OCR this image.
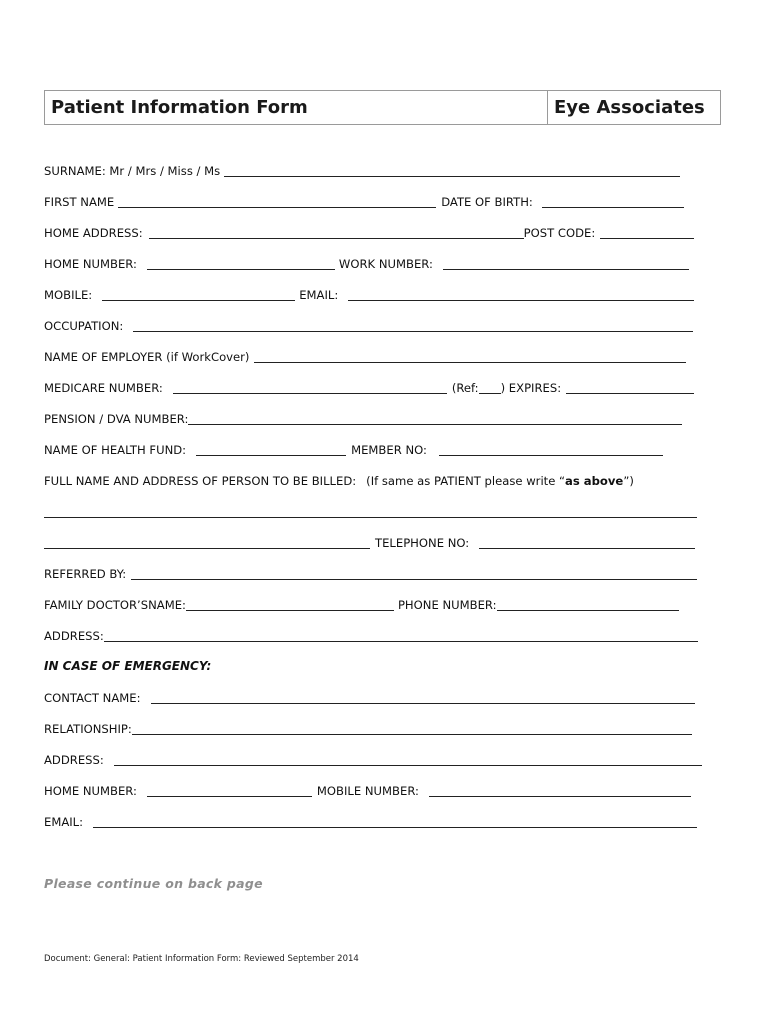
Patient Information Form	Eye Associates
SURNAME: Mr / Mrs / Miss / Ms
FIRST NAME	DATE OF BIRTH:
HOME ADDRESS:	POST CODE:
HOME NUMBER:	WORK NUMBER:
MOBILE:	EMAIL:
OCCUPATION:
NAME OF EMPLOYER (if WorkCover)
MEDICARE NUMBER:	(Ref: ) EXPIRES:
PENSION / DVA NUMBER:
NAME OF HEALTH FUND:	MEMBER NO:
FULL NAME AND ADDRESS OF PERSON TO BE BILLED: (If same as PATIENT please write “ as above ”)
TELEPHONE NO:
REFERRED BY:
FAMILY DOCTOR’SNAME:	PHONE NUMBER:
ADDRESS:
IN CASE OF EMERGENCY:
CONTACT NAME:
RELATIONSHIP:
ADDRESS:
HOME NUMBER:	MOBILE NUMBER:
EMAIL:
Please continue on back page
Document: General: Patient Information Form: Reviewed September 2014
